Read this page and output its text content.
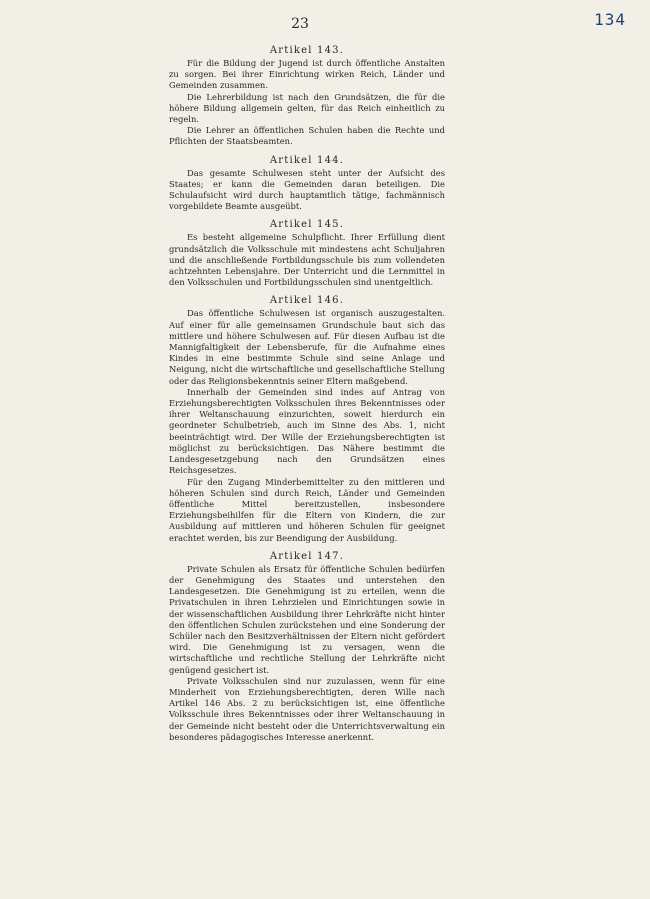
23	134
Artikel 143.

Für die Bildung der Jugend ist durch öffentliche Anstalten zu sorgen. Bei ihrer Einrichtung wirken Reich, Länder und Gemeinden zusammen.

Die Lehrerbildung ist nach den Grundsätzen, die für die höhere Bildung allgemein gelten, für das Reich einheitlich zu regeln.

Die Lehrer an öffentlichen Schulen haben die Rechte und Pflichten der Staatsbeamten.

Artikel 144.

Das gesamte Schulwesen steht unter der Aufsicht des Staates; er kann die Gemeinden daran beteiligen. Die Schulaufsicht wird durch hauptamtlich tätige, fachmännisch vorgebildete Beamte ausgeübt.

Artikel 145.

Es besteht allgemeine Schulpflicht. Ihrer Erfüllung dient grundsätzlich die Volksschule mit mindestens acht Schuljahren und die anschließende Fortbildungsschule bis zum vollendeten achtzehnten Lebensjahre. Der Unterricht und die Lernmittel in den Volksschulen und Fortbildungsschulen sind unentgeltlich.

Artikel 146.

Das öffentliche Schulwesen ist organisch auszugestalten. Auf einer für alle gemeinsamen Grundschule baut sich das mittlere und höhere Schulwesen auf. Für diesen Aufbau ist die Mannigfaltigkeit der Lebensberufe, für die Aufnahme eines Kindes in eine bestimmte Schule sind seine Anlage und Neigung, nicht die wirtschaftliche und gesellschaftliche Stellung oder das Religionsbekenntnis seiner Eltern maßgebend.

Innerhalb der Gemeinden sind indes auf Antrag von Erziehungsberechtigten Volksschulen ihres Bekenntnisses oder ihrer Weltanschauung einzurichten, soweit hierdurch ein geordneter Schulbetrieb, auch im Sinne des Abs. 1, nicht beeinträchtigt wird. Der Wille der Erziehungsberechtigten ist möglichst zu berücksichtigen. Das Nähere bestimmt die Landesgesetzgebung nach den Grundsätzen eines Reichsgesetzes.

Für den Zugang Minderbemittelter zu den mittleren und höheren Schulen sind durch Reich, Länder und Gemeinden öffentliche Mittel bereitzustellen, insbesondere Erziehungsbeihilfen für die Eltern von Kindern, die zur Ausbildung auf mittleren und höheren Schulen für geeignet erachtet werden, bis zur Beendigung der Ausbildung.

Artikel 147.

Private Schulen als Ersatz für öffentliche Schulen bedürfen der Genehmigung des Staates und unterstehen den Landesgesetzen. Die Genehmigung ist zu erteilen, wenn die Privatschulen in ihren Lehrzielen und Einrichtungen sowie in der wissenschaftlichen Ausbildung ihrer Lehrkräfte nicht hinter den öffentlichen Schulen zurückstehen und eine Sonderung der Schüler nach den Besitzverhältnissen der Eltern nicht gefördert wird. Die Genehmigung ist zu versagen, wenn die wirtschaftliche und rechtliche Stellung der Lehrkräfte nicht genügend gesichert ist.

Private Volksschulen sind nur zuzulassen, wenn für eine Minderheit von Erziehungsberechtigten, deren Wille nach Artikel 146 Abs. 2 zu berücksichtigen ist, eine öffentliche Volksschule ihres Bekenntnisses oder ihrer Weltanschauung in der Gemeinde nicht besteht oder die Unterrichtsverwaltung ein besonderes pädagogisches Interesse anerkennt.
